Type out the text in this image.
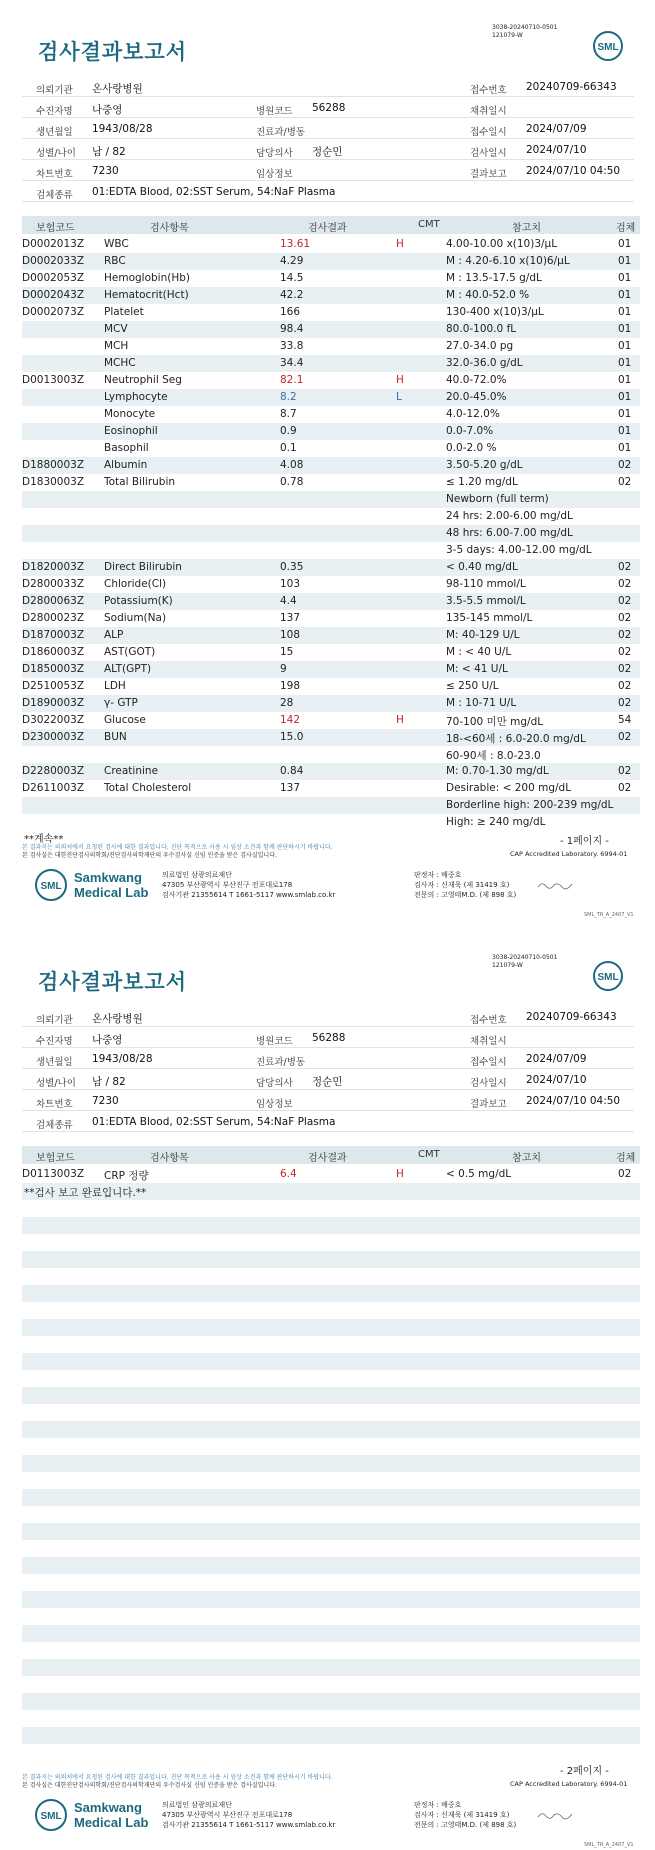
3038-20240710-0501
121079-W
검사결과보고서	SML
의뢰기관 온사랑병원	접수번호 20240709-66343
수진자명 나중영	병원코드 56288	채취일시
생년월일 1943/08/28	진료과/병동	접수일시 2024/07/09
성별/나이 남 / 82	담당의사 정순민	검사일시 2024/07/10
차트번호 7230	임상정보	결과보고 2024/07/10 04:50
검체종류 01:EDTA Blood, 02:SST Serum, 54:NaF Plasma
보험코드	검사항목	검사결과	CMT	참고치	검체
D0002013Z WBC	13.61	H	4.00-10.00 x(10)3/μL	01
D0002033Z RBC	4.29	M : 4.20-6.10 x(10)6/μL	01
D0002053Z Hemoglobin(Hb)	14.5	M : 13.5-17.5 g/dL	01
D0002043Z Hematocrit(Hct)	42.2	M : 40.0-52.0 %	01
D0002073Z Platelet	166	130-400 x(10)3/μL	01
MCV	98.4	80.0-100.0 fL	01
MCH	33.8	27.0-34.0 pg	01
MCHC	34.4	32.0-36.0 g/dL	01
D0013003Z Neutrophil Seg	82.1	H	40.0-72.0%	01
Lymphocyte	8.2	L	20.0-45.0%	01
Monocyte	8.7	4.0-12.0%	01
Eosinophil	0.9	0.0-7.0%	01
Basophil	0.1	0.0-2.0 %	01
D1880003Z Albumin	4.08	3.50-5.20 g/dL	02
D1830003Z Total Bilirubin	0.78	≤ 1.20 mg/dL	02
Newborn (full term)
24 hrs: 2.00-6.00 mg/dL
48 hrs: 6.00-7.00 mg/dL
3-5 days: 4.00-12.00 mg/dL
D1820003Z Direct Bilirubin	0.35	< 0.40 mg/dL	02
D2800033Z Chloride(Cl)	103	98-110 mmol/L	02
D2800063Z Potassium(K)	4.4	3.5-5.5 mmol/L	02
D2800023Z Sodium(Na)	137	135-145 mmol/L	02
D1870003Z ALP	108	M: 40-129 U/L	02
D1860003Z AST(GOT)	15	M : < 40 U/L	02
D1850003Z ALT(GPT)	9	M: < 41 U/L	02
D2510053Z LDH	198	≤ 250 U/L	02
D1890003Z γ- GTP	28	M : 10-71 U/L	02
D3022003Z Glucose	142	H	70-100 미만 mg/dL	54
D2300003Z BUN	15.0	18-<60세 : 6.0-20.0 mg/dL	02
60-90세 : 8.0-23.0
D2280003Z Creatinine	0.84	M: 0.70-1.30 mg/dL	02
D2611003Z Total Cholesterol	137	Desirable: < 200 mg/dL	02
Borderline high: 200-239 mg/dL
High: ≥ 240 mg/dL
**계속**	- 1페이지 -
본 결과지는 의뢰처에서 요청된 검사에 대한 결과입니다. 진단 목적으로 사용 시 임상 소견과 함께 판단하시기 바랍니다.
본 검사실은 대한진단검사의학회/진단검사의학재단의 우수검사실 신임 인증을 받은 검사실입니다.	CAP Accredited Laboratory. 6994-01
SML
Samkwang
Medical Lab
의료법인 삼광의료재단
47305 부산광역시 부산진구 전포대로178
검사기관 21355614 T 1661-5117 www.smlab.co.kr
판정자 : 배중호
검사자 : 신재욱 (제 31419 호)
전문의 : 고영태M.D. (제 898 호)
SML_TR_A_2407_V1
3038-20240710-0501
121079-W
검사결과보고서	SML
의뢰기관 온사랑병원	접수번호 20240709-66343
수진자명 나중영	병원코드 56288	채취일시
생년월일 1943/08/28	진료과/병동	접수일시 2024/07/09
성별/나이 남 / 82	담당의사 정순민	검사일시 2024/07/10
차트번호 7230	임상정보	결과보고 2024/07/10 04:50
검체종류 01:EDTA Blood, 02:SST Serum, 54:NaF Plasma
보험코드	검사항목	검사결과	CMT	참고치	검체
D0113003Z CRP 정량	6.4	H	< 0.5 mg/dL	02
**검사 보고 완료입니다.**
- 2페이지 -
본 결과지는 의뢰처에서 요청된 검사에 대한 결과입니다. 진단 목적으로 사용 시 임상 소견과 함께 판단하시기 바랍니다.
본 검사실은 대한진단검사의학회/진단검사의학재단의 우수검사실 신임 인증을 받은 검사실입니다.	CAP Accredited Laboratory. 6994-01
SML
Samkwang
Medical Lab
의료법인 삼광의료재단
47305 부산광역시 부산진구 전포대로178
검사기관 21355614 T 1661-5117 www.smlab.co.kr
판정자 : 배중호
검사자 : 신재욱 (제 31419 호)
전문의 : 고영태M.D. (제 898 호)
SML_TR_A_2407_V1
